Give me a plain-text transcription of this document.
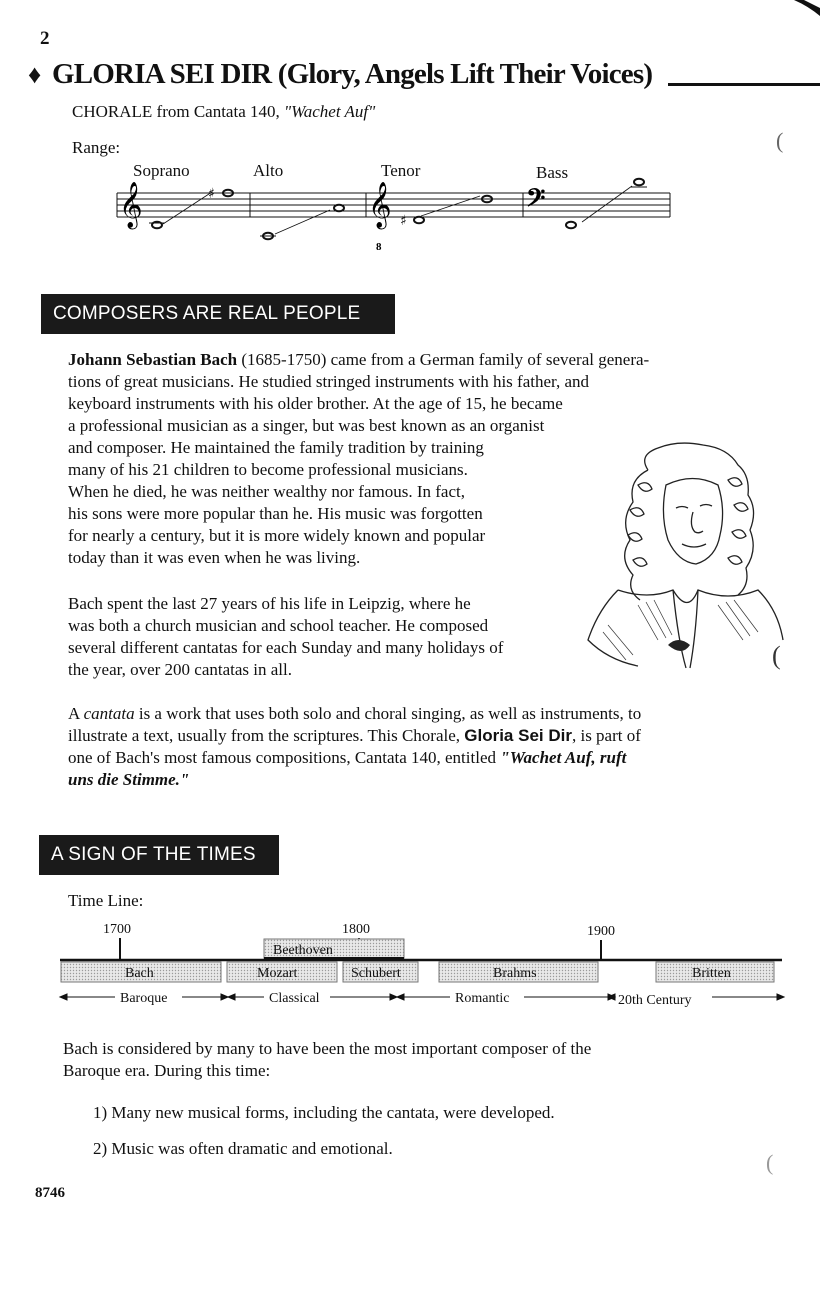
2
♦ GLORIA SEI DIR (Glory, Angels Lift Their Voices)
CHORALE from Cantata 140, "Wachet Auf"
Range:
Soprano	Alto	Tenor	Bass
𝄞	𝄞
8
𝄢
♯
♯
COMPOSERS ARE REAL PEOPLE
Johann Sebastian Bach (1685-1750) came from a German family of several genera-
tions of great musicians. He studied stringed instruments with his father, and
keyboard instruments with his older brother. At the age of 15, he became
a professional musician as a singer, but was best known as an organist
and composer. He maintained the family tradition by training
many of his 21 children to become professional musicians.
When he died, he was neither wealthy nor famous. In fact,
his sons were more popular than he. His music was forgotten
for nearly a century, but it is more widely known and popular
today than it was even when he was living.
Bach spent the last 27 years of his life in Leipzig, where he
was both a church musician and school teacher. He composed
several different cantatas for each Sunday and many holidays of
the year, over 200 cantatas in all.	(
A cantata is a work that uses both solo and choral singing, as well as instruments, to
illustrate a text, usually from the scriptures. This Chorale, Gloria Sei Dir, is part of
one of Bach's most famous compositions, Cantata 140, entitled "Wachet Auf, ruft
uns die Stimme."
A SIGN OF THE TIMES
Time Line:
1700	1800	1900
Beethoven
Bach	Mozart	Schubert	Brahms	Britten
Baroque	Classical	Romantic	20th Century
Bach is considered by many to have been the most important composer of the
Baroque era. During this time:
1) Many new musical forms, including the cantata, were developed.
2) Music was often dramatic and emotional.
(
(
8746
